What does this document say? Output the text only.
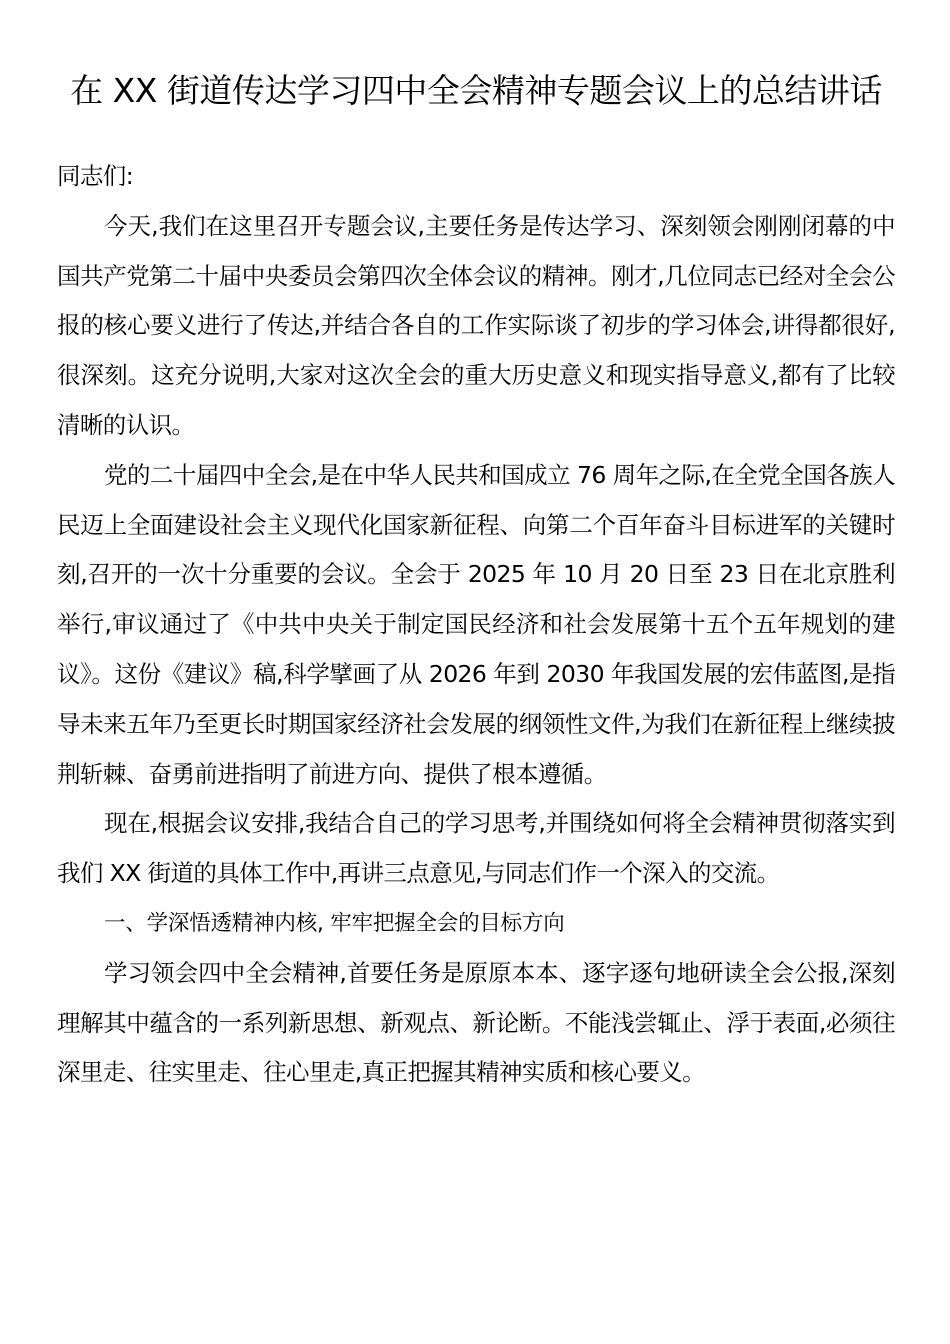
在 XX 街道传达学习四中全会精神专题会议上的总结讲话

同志们:

今天,我们在这里召开专题会议,主要任务是传达学习、深刻领会刚刚闭幕的中国共产党第二十届中央委员会第四次全体会议的精神。刚才,几位同志已经对全会公报的核心要义进行了传达,并结合各自的工作实际谈了初步的学习体会,讲得都很好,很深刻。这充分说明,大家对这次全会的重大历史意义和现实指导意义,都有了比较清晰的认识。

党的二十届四中全会,是在中华人民共和国成立 76 周年之际,在全党全国各族人民迈上全面建设社会主义现代化国家新征程、向第二个百年奋斗目标进军的关键时刻,召开的一次十分重要的会议。全会于 2025 年 10 月 20 日至 23 日在北京胜利举行,审议通过了《中共中央关于制定国民经济和社会发展第十五个五年规划的建议》。这份《建议》稿,科学擘画了从 2026 年到 2030 年我国发展的宏伟蓝图,是指导未来五年乃至更长时期国家经济社会发展的纲领性文件,为我们在新征程上继续披荆斩棘、奋勇前进指明了前进方向、提供了根本遵循。

现在,根据会议安排,我结合自己的学习思考,并围绕如何将全会精神贯彻落实到我们 XX 街道的具体工作中,再讲三点意见,与同志们作一个深入的交流。

一、学深悟透精神内核, 牢牢把握全会的目标方向

学习领会四中全会精神,首要任务是原原本本、逐字逐句地研读全会公报,深刻理解其中蕴含的一系列新思想、新观点、新论断。不能浅尝辄止、浮于表面,必须往深里走、往实里走、往心里走,真正把握其精神实质和核心要义。
